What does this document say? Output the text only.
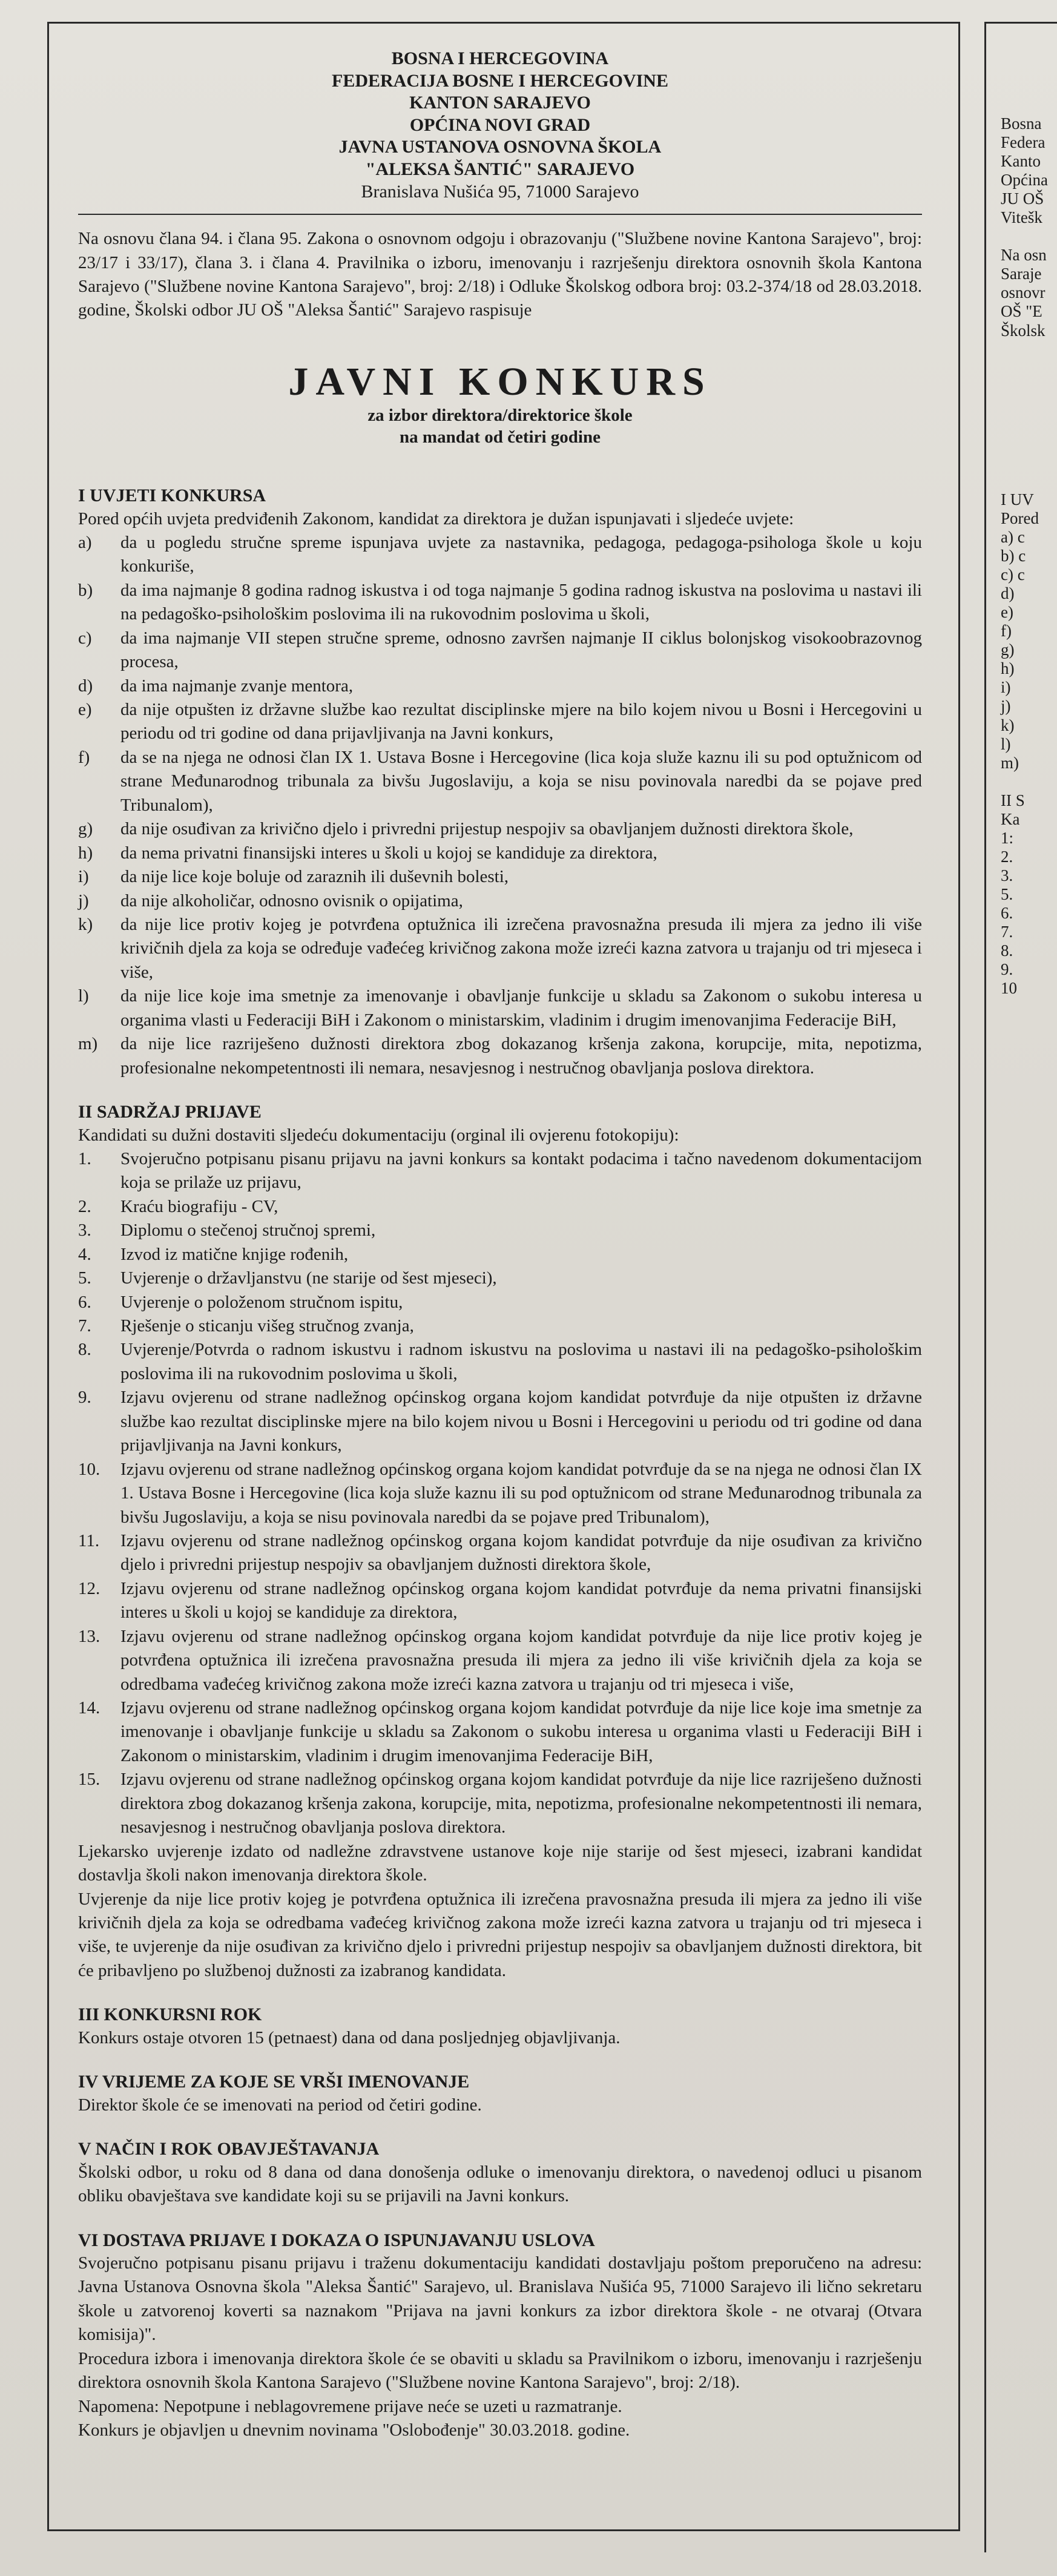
BOSNA I HERCEGOVINA
FEDERACIJA BOSNE I HERCEGOVINE
KANTON SARAJEVO
OPĆINA NOVI GRAD
JAVNA USTANOVA OSNOVNA ŠKOLA
"ALEKSA ŠANTIĆ" SARAJEVO
Branislava Nušića 95, 71000 Sarajevo

Na osnovu člana 94. i člana 95. Zakona o osnovnom odgoju i obrazovanju ("Službene novine Kantona Sarajevo", broj: 23/17 i 33/17), člana 3. i člana 4. Pravilnika o izboru, imenovanju i razrješenju direktora osnovnih škola Kantona Sarajevo ("Službene novine Kantona Sarajevo", broj: 2/18) i Odluke Školskog odbora broj: 03.2-374/18 od 28.03.2018. godine, Školski odbor JU OŠ "Aleksa Šantić" Sarajevo raspisuje

JAVNI KONKURS
za izbor direktora/direktorice škole
na mandat od četiri godine
I UVJETI KONKURSA

Pored općih uvjeta predviđenih Zakonom, kandidat za direktora je dužan ispunjavati i sljedeće uvjete:

a)	da u pogledu stručne spreme ispunjava uvjete za nastavnika, pedagoga, pedagoga-psihologa škole u koju konkuriše,
b)	da ima najmanje 8 godina radnog iskustva i od toga najmanje 5 godina radnog iskustva na poslovima u nastavi ili na pedagoško-psihološkim poslovima ili na rukovodnim poslovima u školi,
c)	da ima najmanje VII stepen stručne spreme, odnosno završen najmanje II ciklus bolonjskog visokoobrazovnog procesa,
d)	da ima najmanje zvanje mentora,
e)	da nije otpušten iz državne službe kao rezultat disciplinske mjere na bilo kojem nivou u Bosni i Hercegovini u periodu od tri godine od dana prijavljivanja na Javni konkurs,
f)	da se na njega ne odnosi član IX 1. Ustava Bosne i Hercegovine (lica koja služe kaznu ili su pod optužnicom od strane Međunarodnog tribunala za bivšu Jugoslaviju, a koja se nisu povinovala naredbi da se pojave pred Tribunalom),
g)	da nije osuđivan za krivično djelo i privredni prijestup nespojiv sa obavljanjem dužnosti direktora škole,
h)	da nema privatni finansijski interes u školi u kojoj se kandiduje za direktora,
i)	da nije lice koje boluje od zaraznih ili duševnih bolesti,
j)	da nije alkoholičar, odnosno ovisnik o opijatima,
k)	da nije lice protiv kojeg je potvrđena optužnica ili izrečena pravosnažna presuda ili mjera za jedno ili više krivičnih djela za koja se određuje vađećeg krivičnog zakona može izreći kazna zatvora u trajanju od tri mjeseca i više,
l)	da nije lice koje ima smetnje za imenovanje i obavljanje funkcije u skladu sa Zakonom o sukobu interesa u organima vlasti u Federaciji BiH i Zakonom o ministarskim, vladinim i drugim imenovanjima Federacije BiH,
m)	da nije lice razriješeno dužnosti direktora zbog dokazanog kršenja zakona, korupcije, mita, nepotizma, profesionalne nekompetentnosti ili nemara, nesavjesnog i nestručnog obavljanja poslova direktora.
II SADRŽAJ PRIJAVE

Kandidati su dužni dostaviti sljedeću dokumentaciju (orginal ili ovjerenu fotokopiju):

1.	Svojeručno potpisanu pisanu prijavu na javni konkurs sa kontakt podacima i tačno navedenom dokumentacijom koja se prilaže uz prijavu,
2.	Kraću biografiju - CV,
3.	Diplomu o stečenoj stručnoj spremi,
4.	Izvod iz matične knjige rođenih,
5.	Uvjerenje o državljanstvu (ne starije od šest mjeseci),
6.	Uvjerenje o položenom stručnom ispitu,
7.	Rješenje o sticanju višeg stručnog zvanja,
8.	Uvjerenje/Potvrda o radnom iskustvu i radnom iskustvu na poslovima u nastavi ili na pedagoško-psihološkim poslovima ili na rukovodnim poslovima u školi,
9.	Izjavu ovjerenu od strane nadležnog općinskog organa kojom kandidat potvrđuje da nije otpušten iz državne službe kao rezultat disciplinske mjere na bilo kojem nivou u Bosni i Hercegovini u periodu od tri godine od dana prijavljivanja na Javni konkurs,
10.	Izjavu ovjerenu od strane nadležnog općinskog organa kojom kandidat potvrđuje da se na njega ne odnosi član IX 1. Ustava Bosne i Hercegovine (lica koja služe kaznu ili su pod optužnicom od strane Međunarodnog tribunala za bivšu Jugoslaviju, a koja se nisu povinovala naredbi da se pojave pred Tribunalom),
11.	Izjavu ovjerenu od strane nadležnog općinskog organa kojom kandidat potvrđuje da nije osuđivan za krivično djelo i privredni prijestup nespojiv sa obavljanjem dužnosti direktora škole,
12.	Izjavu ovjerenu od strane nadležnog općinskog organa kojom kandidat potvrđuje da nema privatni finansijski interes u školi u kojoj se kandiduje za direktora,
13.	Izjavu ovjerenu od strane nadležnog općinskog organa kojom kandidat potvrđuje da nije lice protiv kojeg je potvrđena optužnica ili izrečena pravosnažna presuda ili mjera za jedno ili više krivičnih djela za koja se odredbama vađećeg krivičnog zakona može izreći kazna zatvora u trajanju od tri mjeseca i više,
14.	Izjavu ovjerenu od strane nadležnog općinskog organa kojom kandidat potvrđuje da nije lice koje ima smetnje za imenovanje i obavljanje funkcije u skladu sa Zakonom o sukobu interesa u organima vlasti u Federaciji BiH i Zakonom o ministarskim, vladinim i drugim imenovanjima Federacije BiH,
15.	Izjavu ovjerenu od strane nadležnog općinskog organa kojom kandidat potvrđuje da nije lice razriješeno dužnosti direktora zbog dokazanog kršenja zakona, korupcije, mita, nepotizma, profesionalne nekompetentnosti ili nemara, nesavjesnog i nestručnog obavljanja poslova direktora.

Ljekarsko uvjerenje izdato od nadležne zdravstvene ustanove koje nije starije od šest mjeseci, izabrani kandidat dostavlja školi nakon imenovanja direktora škole.

Uvjerenje da nije lice protiv kojeg je potvrđena optužnica ili izrečena pravosnažna presuda ili mjera za jedno ili više krivičnih djela za koja se odredbama vađećeg krivičnog zakona može izreći kazna zatvora u trajanju od tri mjeseca i više, te uvjerenje da nije osuđivan za krivično djelo i privredni prijestup nespojiv sa obavljanjem dužnosti direktora, bit će pribavljeno po službenoj dužnosti za izabranog kandidata.

III KONKURSNI ROK

Konkurs ostaje otvoren 15 (petnaest) dana od dana posljednjeg objavljivanja.

IV VRIJEME ZA KOJE SE VRŠI IMENOVANJE

Direktor škole će se imenovati na period od četiri godine.

V NAČIN I ROK OBAVJEŠTAVANJA

Školski odbor, u roku od 8 dana od dana donošenja odluke o imenovanju direktora, o navedenoj odluci u pisanom obliku obavještava sve kandidate koji su se prijavili na Javni konkurs.

VI DOSTAVA PRIJAVE I DOKAZA O ISPUNJAVANJU USLOVA

Svojeručno potpisanu pisanu prijavu i traženu dokumentaciju kandidati dostavljaju poštom preporučeno na adresu: Javna Ustanova Osnovna škola "Aleksa Šantić" Sarajevo, ul. Branislava Nušića 95, 71000 Sarajevo ili lično sekretaru škole u zatvorenoj koverti sa naznakom "Prijava na javni konkurs za izbor direktora škole - ne otvaraj (Otvara komisija)".

Procedura izbora i imenovanja direktora škole će se obaviti u skladu sa Pravilnikom o izboru, imenovanju i razrješenju direktora osnovnih škola Kantona Sarajevo ("Službene novine Kantona Sarajevo", broj: 2/18).

Napomena: Nepotpune i neblagovremene prijave neće se uzeti u razmatranje.

Konkurs je objavljen u dnevnim novinama "Oslobođenje" 30.03.2018. godine.

Bosna
Federa
Kanto
Općina
JU OŠ
Vitešk

Na osn
Saraje
osnovr
OŠ "E
Školsk

I UV
Pored
a) c
b) c
c) c
d)
e)
f)
g)
h)
i)
j)
k)
l)
m)

II S
Ka
1:
2.
3.
5.
6.
7.
8.
9.
10
